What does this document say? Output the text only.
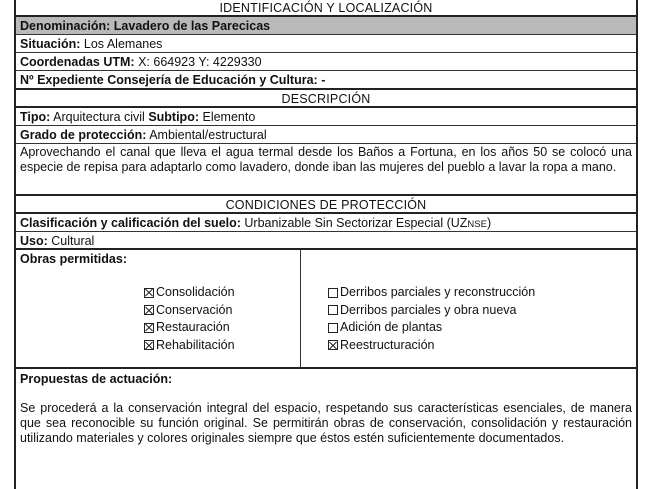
IDENTIFICACIÓN Y LOCALIZACIÓN
Denominación: Lavadero de las Parecicas
Situación: Los Alemanes
Coordenadas UTM: X: 664923 Y: 4229330
Nº Expediente Consejería de Educación y Cultura: -
DESCRIPCIÓN
Tipo: Arquitectura civil Subtipo: Elemento
Grado de protección: Ambiental/estructural
Aprovechando el canal que lleva el agua termal desde los Baños a Fortuna, en los años 50 se colocó una especie de repisa para adaptarlo como lavadero, donde iban las mujeres del pueblo a lavar la ropa a mano.
CONDICIONES DE PROTECCIÓN
Clasificación y calificación del suelo: Urbanizable Sin Sectorizar Especial (UZNSE)
Uso: Cultural
Obras permitidas:
Consolidación
Conservación
Restauración
Rehabilitación
Derribos parciales y reconstrucción
Derribos parciales y obra nueva
Adición de plantas
Reestructuración
Propuestas de actuación:
Se procederá a la conservación integral del espacio, respetando sus características esenciales, de manera que sea reconocible su función original. Se permitirán obras de conservación, consolidación y restauración utilizando materiales y colores originales siempre que éstos estén suficientemente documentados.
